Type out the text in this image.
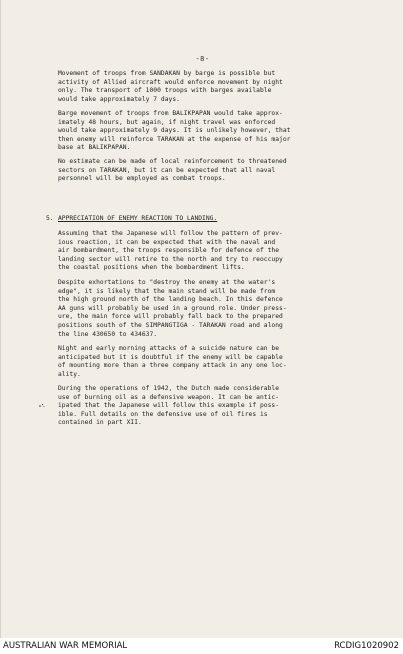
-8-

Movement of troops from SANDAKAN by barge is possible but
activity of Allied aircraft would enforce movement by night
only. The transport of 1000 troops with barges available
would take approximately 7 days.

Barge movement of troops from BALIKPAPAN would take approx-
imately 48 hours, but again, if night travel was enforced
would take approximately 9 days. It is unlikely however, that
then enemy will reinforce TARAKAN at the expense of his major
base at BALIKPAPAN.

No estimate can be made of local reinforcement to threatened
sectors on TARAKAN, but it can be expected that all naval
personnel will be employed as combat troops.

5. APPRECIATION OF ENEMY REACTION TO LANDING.

Assuming that the Japanese will follow the pattern of prev-
ious reaction, it can be expected that with the naval and
air bombardment, the troops responsible for defence of the
landing sector will retire to the north and try to reoccupy
the coastal positions when the bombardment lifts.

Despite exhortations to "destroy the enemy at the water's
edge", it is likely that the main stand will be made from
the high ground north of the landing beach. In this defence
AA guns will probably be used in a ground role. Under press-
ure, the main force will probably fall back to the prepared
positions south of the SIMPANGTIGA - TARAKAN road and along
the line 430650 to 434637.

Night and early morning attacks of a suicide nature can be
anticipated but it is doubtful if the enemy will be capable
of mounting more than a three company attack in any one loc-
ality.

During the operations of 1942, the Dutch made considerable
use of burning oil as a defensive weapon. It can be antic-
ipated that the Japanese will follow this example if poss-
ible. Full details on the defensive use of oil fires is
contained in part XII.

AUSTRALIAN WAR MEMORIAL	RCDIG1020902
